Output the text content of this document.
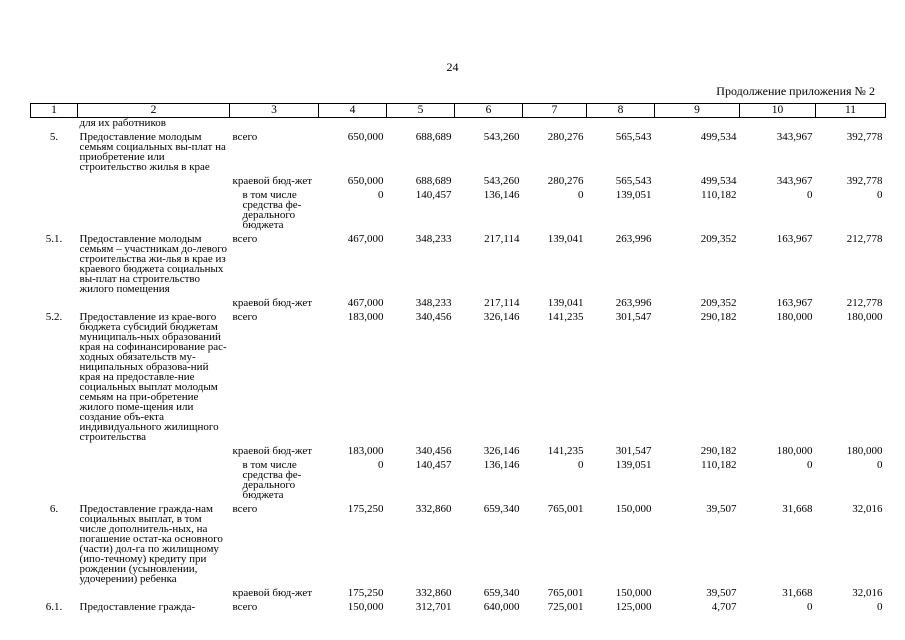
24
Продолжение приложения № 2
1	2	3	4	5	6	7	8	9	10	11
	для их работников									
5.	Предоставление молодым семьям социальных вы-плат на приобретение или строительство жилья в крае	всего	650,000	688,689	543,260	280,276	565,543	499,534	343,967	392,778

		краевой бюд-жет	650,000	688,689	543,260	280,276	565,543	499,534	343,967	392,778

		в том числе средства фе-дерального бюджета	0	140,457	136,146	0	139,051	110,182	0	0
5.1.	Предоставление молодым семьям – участникам до-левого строительства жи-лья в крае из краевого бюджета социальных вы-плат на строительство жилого помещения	всего	467,000	348,233	217,114	139,041	263,996	209,352	163,967	212,778

		краевой бюд-жет	467,000	348,233	217,114	139,041	263,996	209,352	163,967	212,778
5.2.	Предоставление из крае-вого бюджета субсидий бюджетам муниципаль-ных образований края на софинансирование рас-ходных обязательств му-ниципальных образова-ний края на предоставле-ние социальных выплат молодым семьям на при-обретение жилого поме-щения или создание объ-екта индивидуального жилищного строительства	всего	183,000	340,456	326,146	141,235	301,547	290,182	180,000	180,000

		краевой бюд-жет	183,000	340,456	326,146	141,235	301,547	290,182	180,000	180,000

		в том числе средства фе-дерального бюджета	0	140,457	136,146	0	139,051	110,182	0	0
6.	Предоставление гражда-нам социальных выплат, в том числе дополнитель-ных, на погашение остат-ка основного (части) дол-га по жилищному (ипо-течному) кредиту при рождении (усыновлении, удочерении) ребенка	всего	175,250	332,860	659,340	765,001	150,000	39,507	31,668	32,016

		краевой бюд-жет	175,250	332,860	659,340	765,001	150,000	39,507	31,668	32,016
6.1.	Предоставление гражда-	всего	150,000	312,701	640,000	725,001	125,000	4,707	0	0
